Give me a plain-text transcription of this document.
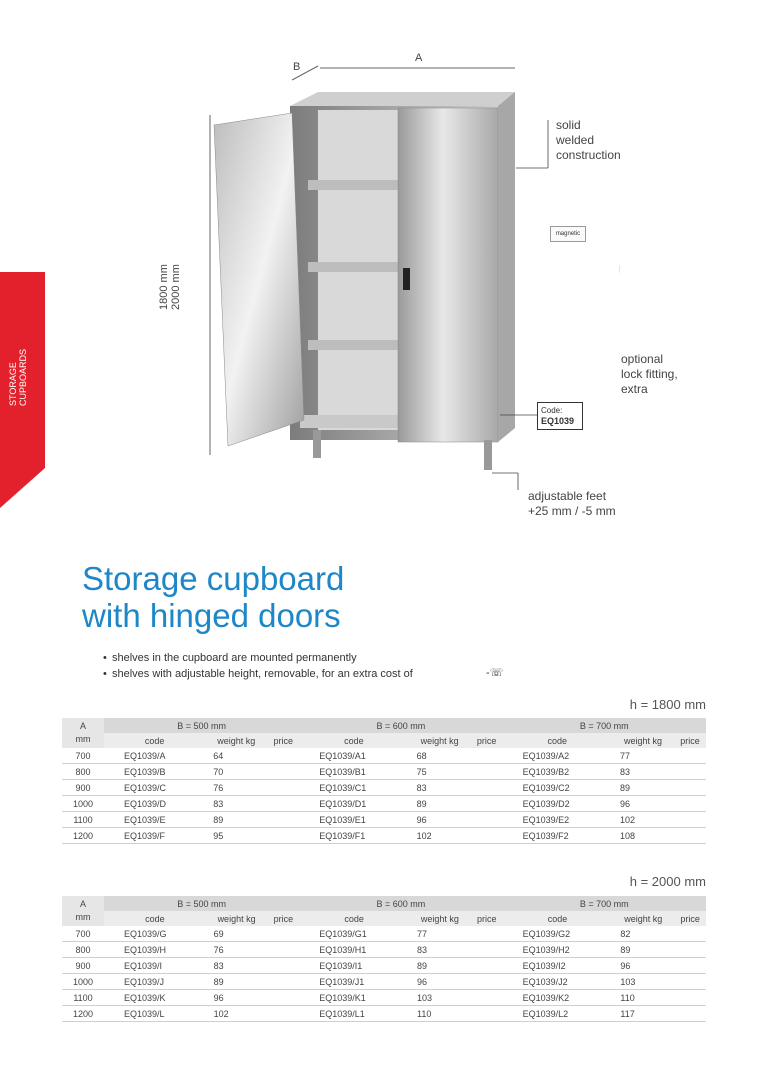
STORAGE CUPBOARDS
A
B
1800 mm 2000 mm
magnetic
solid
welded
construction
optional
lock fitting,
extra
adjustable feet
+25 mm / -5 mm
Code:
EQ1039
Storage cupboard
with hinged doors
• shelves in the cupboard are mounted permanently
• shelves with adjustable height, removable, for an extra cost of	-☏
h = 1800 mm
A
mm	B = 500 mm			B = 600 mm			B = 700 mm		
	code	weight kg	price	code	weight kg	price	code	weight kg	price
700	EQ1039/A	64		EQ1039/A1	68		EQ1039/A2	77	
800	EQ1039/B	70		EQ1039/B1	75		EQ1039/B2	83	
900	EQ1039/C	76		EQ1039/C1	83		EQ1039/C2	89	
1000	EQ1039/D	83		EQ1039/D1	89		EQ1039/D2	96	
1100	EQ1039/E	89		EQ1039/E1	96		EQ1039/E2	102	
1200	EQ1039/F	95		EQ1039/F1	102		EQ1039/F2	108	
h = 2000 mm
A
mm	B = 500 mm			B = 600 mm			B = 700 mm		
	code	weight kg	price	code	weight kg	price	code	weight kg	price
700	EQ1039/G	69		EQ1039/G1	77		EQ1039/G2	82	
800	EQ1039/H	76		EQ1039/H1	83		EQ1039/H2	89	
900	EQ1039/I	83		EQ1039/I1	89		EQ1039/I2	96	
1000	EQ1039/J	89		EQ1039/J1	96		EQ1039/J2	103	
1100	EQ1039/K	96		EQ1039/K1	103		EQ1039/K2	110	
1200	EQ1039/L	102		EQ1039/L1	110		EQ1039/L2	117	
